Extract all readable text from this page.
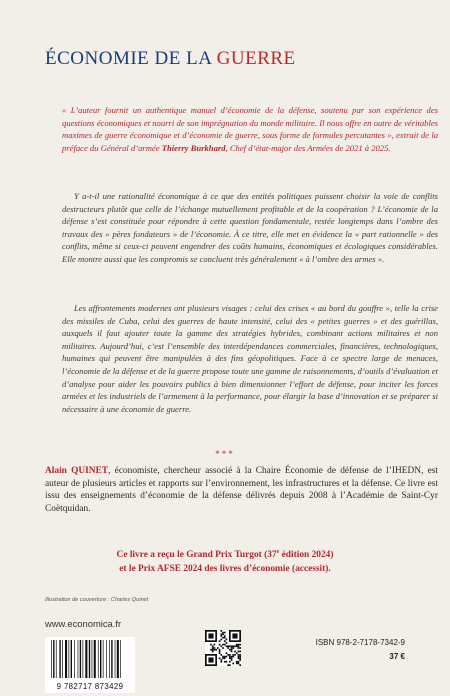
ÉCONOMIE DE LA GUERRE
« L’auteur fournit un authentique manuel d’économie de la défense, soutenu par son expérience des questions économiques et nourri de son imprégnation du monde militaire. Il nous offre en outre de véritables maximes de guerre économique et d’économie de guerre, sous forme de formules percutantes », extrait de la préface du Général d’armée Thierry Burkhard, Chef d’état-major des Armées de 2021 à 2025.
Y a-t-il une rationalité économique à ce que des entités politiques puissent choisir la voie de conflits destructeurs plutôt que celle de l’échange mutuellement profitable et de la coopération ? L’économie de la défense s’est constituée pour répondre à cette question fondamentale, restée longtemps dans l’ombre des travaux des « pères fondateurs » de l’économie. À ce titre, elle met en évidence la « part rationnelle » des conflits, même si ceux-ci peuvent engendrer des coûts humains, économiques et écologiques considérables. Elle montre aussi que les compromis se concluent très généralement « à l’ombre des armes ».
Les affrontements modernes ont plusieurs visages : celui des crises « au bord du gouffre », telle la crise des missiles de Cuba, celui des guerres de haute intensité, celui des « petites guerres » et des guérillas, auxquels il faut ajouter toute la gamme des stratégies hybrides, combinant actions militaires et non militaires. Aujourd’hui, c’est l’ensemble des interdépendances commerciales, financières, technologiques, humaines qui peuvent être manipulées à des fins géopolitiques. Face à ce spectre large de menaces, l’économie de la défense et de la guerre propose toute une gamme de raisonnements, d’outils d’évaluation et d’analyse pour aider les pouvoirs publics à bien dimensionner l’effort de défense, pour inciter les forces armées et les industriels de l’armement à la performance, pour élargir la base d’innovation et se préparer si nécessaire à une économie de guerre.
***
Alain QUINET, économiste, chercheur associé à la Chaire Économie de défense de l’IHEDN, est auteur de plusieurs articles et rapports sur l’environnement, les infrastructures et la défense. Ce livre est issu des enseignements d’économie de la défense délivrés depuis 2008 à l’Académie de Saint-Cyr Coëtquidan.
Ce livre a reçu le Grand Prix Turgot (37e édition 2024)
et le Prix AFSE 2024 des livres d’économie (accessit).
Illustration de couverture : Charles Quinet
www.economica.fr
9 782717 873429
ISBN 978-2-7178-7342-9
37 €
